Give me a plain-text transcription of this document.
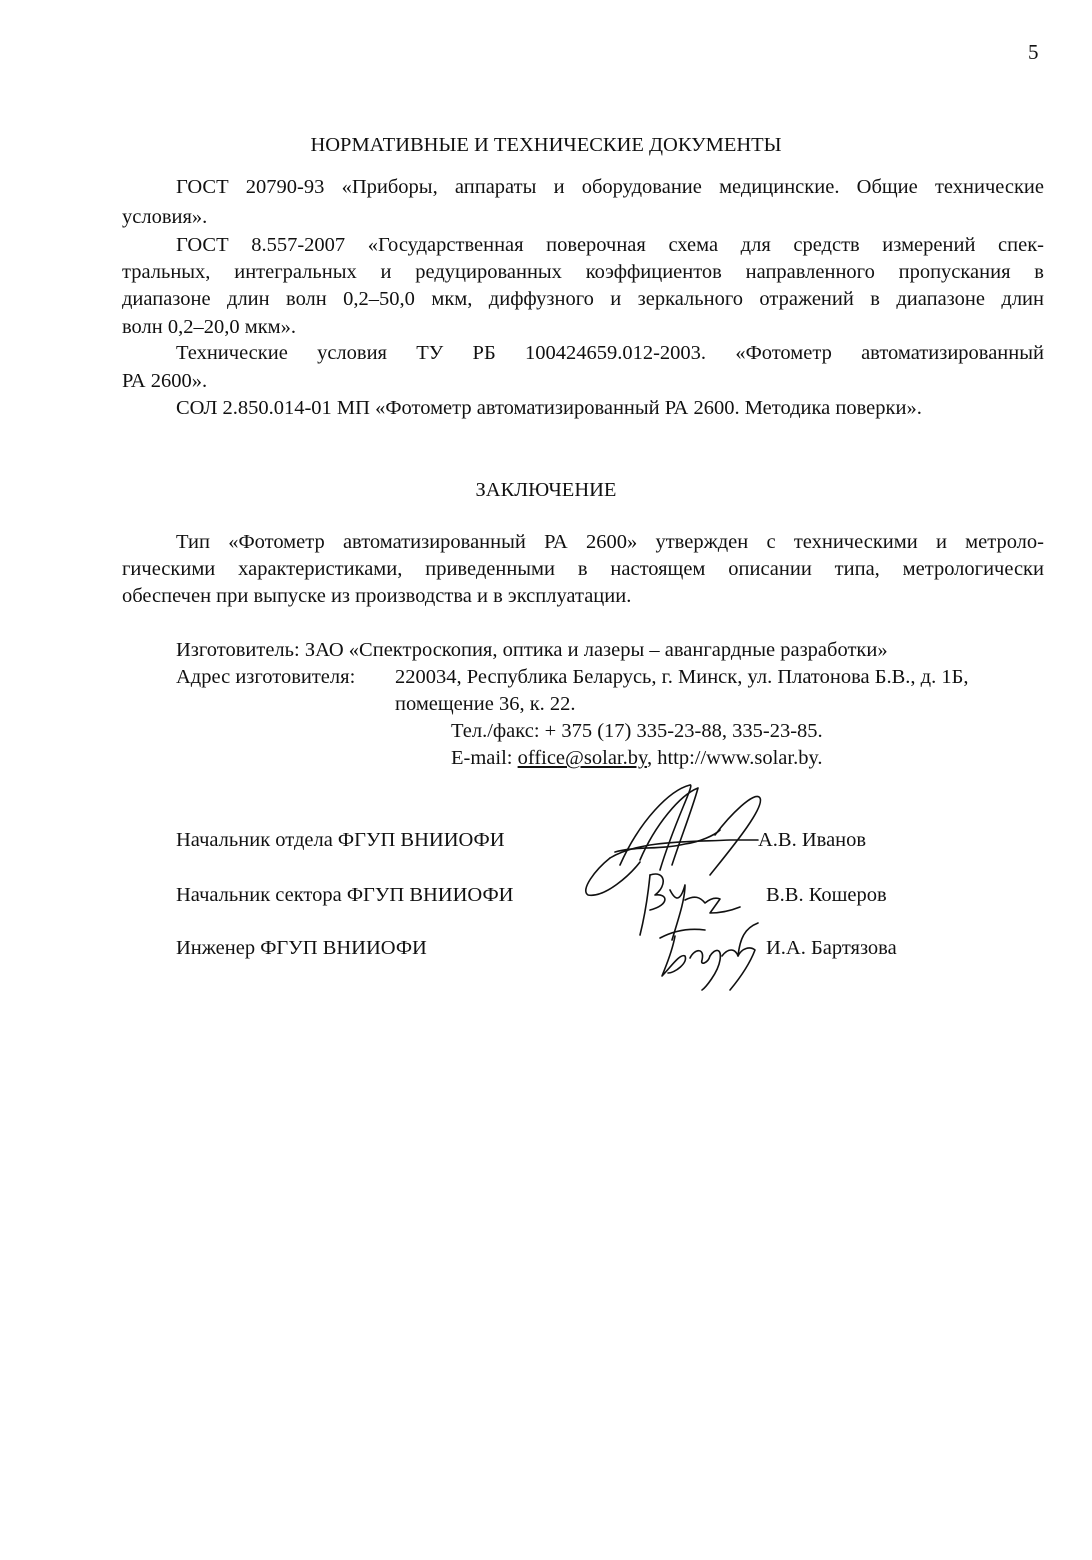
5
НОРМАТИВНЫЕ И ТЕХНИЧЕСКИЕ ДОКУМЕНТЫ
ГОСТ 20790-93 «Приборы, аппараты и оборудование медицинские. Общие технические
условия».
ГОСТ 8.557-2007 «Государственная поверочная схема для средств измерений спек-
тральных, интегральных и редуцированных коэффициентов направленного пропускания в
диапазоне длин волн 0,2–50,0 мкм, диффузного и зеркального отражений в диапазоне длин
волн 0,2–20,0 мкм».
Технические условия ТУ РБ 100424659.012-2003. «Фотометр автоматизированный
РА 2600».
СОЛ 2.850.014-01 МП «Фотометр автоматизированный РА 2600. Методика поверки».
ЗАКЛЮЧЕНИЕ
Тип «Фотометр автоматизированный РА 2600» утвержден с техническими и метроло-
гическими характеристиками, приведенными в настоящем описании типа, метрологически
обеспечен при выпуске из производства и в эксплуатации.
Изготовитель: ЗАО «Спектроскопия, оптика и лазеры – авангардные разработки»
Адрес изготовителя: 220034, Республика Беларусь, г. Минск, ул. Платонова Б.В., д. 1Б,
помещение 36, к. 22.
Тел./факс: + 375 (17) 335-23-88, 335-23-85.
E-mail: office@solar.by, http://www.solar.by.
Начальник отдела ФГУП ВНИИОФИ	А.В. Иванов
Начальник сектора ФГУП ВНИИОФИ	В.В. Кошеров
Инженер ФГУП ВНИИОФИ	И.А. Бартязова
